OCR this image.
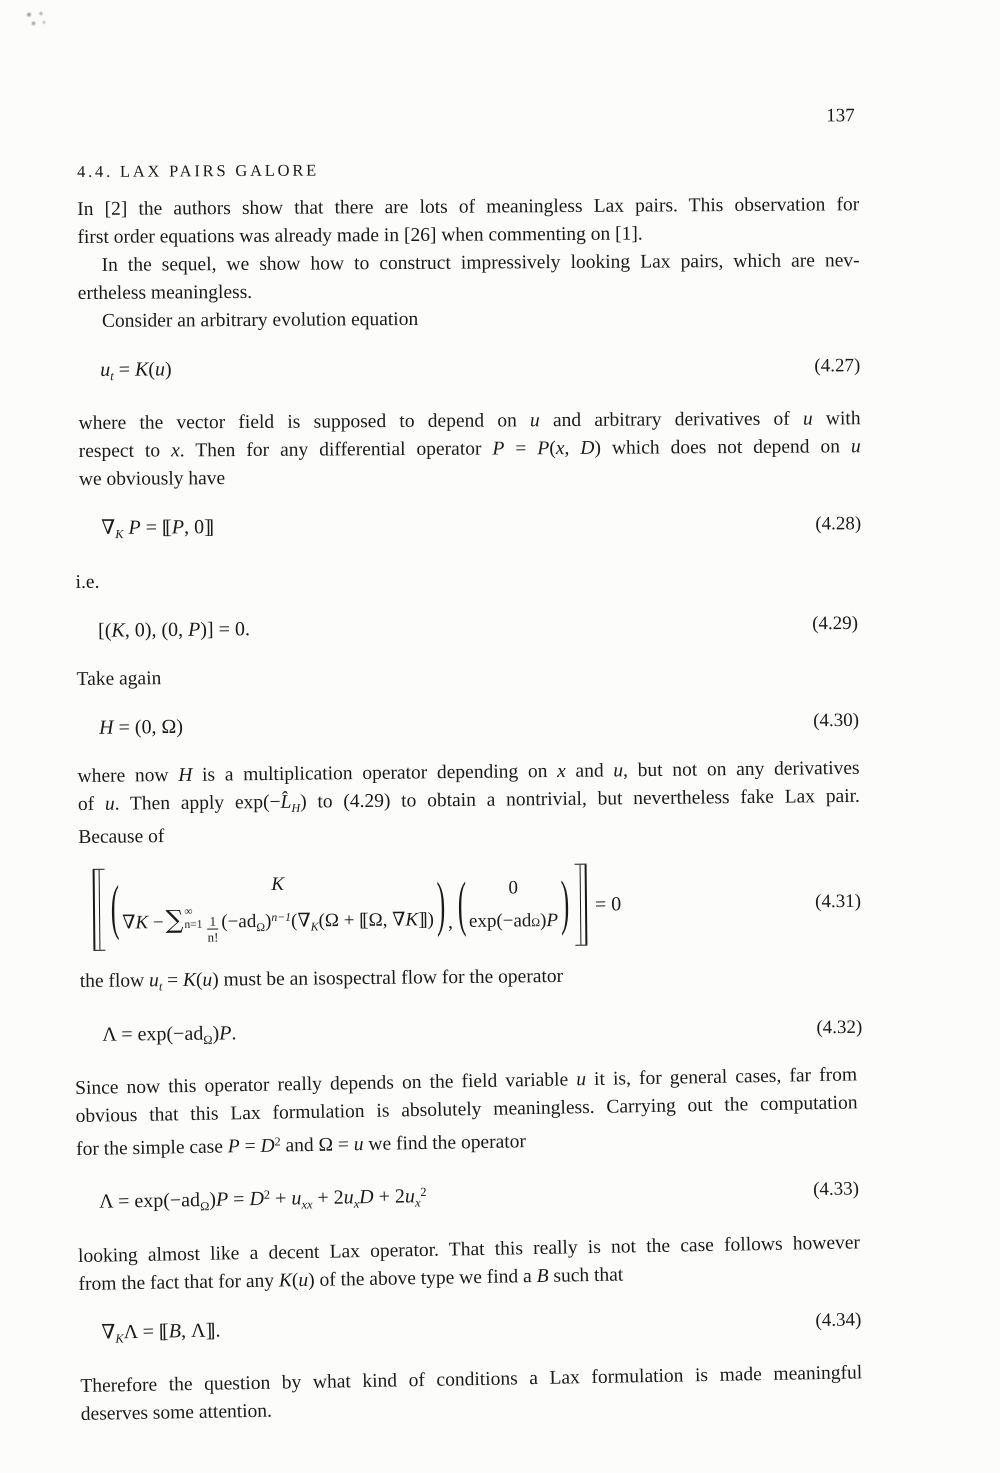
137
4.4. LAX PAIRS GALORE
In [2] the authors show that there are lots of meaningless Lax pairs. This observation for
first order equations was already made in [26] when commenting on [1].
In the sequel, we show how to construct impressively looking Lax pairs, which are nev-
ertheless meaningless.
Consider an arbitrary evolution equation
$u_t = K(u)$	(4.27)
where the vector field is supposed to depend on u and arbitrary derivatives of u with
respect to x. Then for any differential operator P = P(x, D) which does not depend on u
we obviously have
$\nabla_K$ P = [[ P, 0]]	(4.28)
i.e.
[(K, 0), (0, P)] = 0.	(4.29)
Take again
H = (0, Ω)	(4.30)
where now H is a multiplication operator depending on x and u, but not on any derivatives
of u. Then apply $\exp(-L̂_H)$ to (4.29) to obtain a nontrivial, but nevertheless fake Lax pair.
Because of
(	K
∇K − ∑ ∞
$n=1 \frac{1}{n!} (-ad_\Omega)^{n-1}(\nabla_K(\Omega$ + [[ Ω, ∇K]] ) ) , ( 0
exp(−ad Ω ) P ) = 0	(4.31)
the flow $u_t = K(u)$ must be an isospectral flow for the operator
$\Lambda = \exp(-ad_\Omega)P$.	(4.32)
Since now this operator really depends on the field variable u it is, for general cases, far from
obvious that this Lax formulation is absolutely meaningless. Carrying out the computation
for the simple case $P = D^2$ and Ω = u we find the operator
$\Lambda = \exp(-ad_\Omega)P = D^2 + u_{xx} + 2u_xD + 2u_x^2$	(4.33)
looking almost like a decent Lax operator. That this really is not the case follows however
from the fact that for any K(u) of the above type we find a B such that
$\nabla_K\Lambda$ = [[ B, Λ]] .	(4.34)
Therefore the question by what kind of conditions a Lax formulation is made meaningful
deserves some attention.
